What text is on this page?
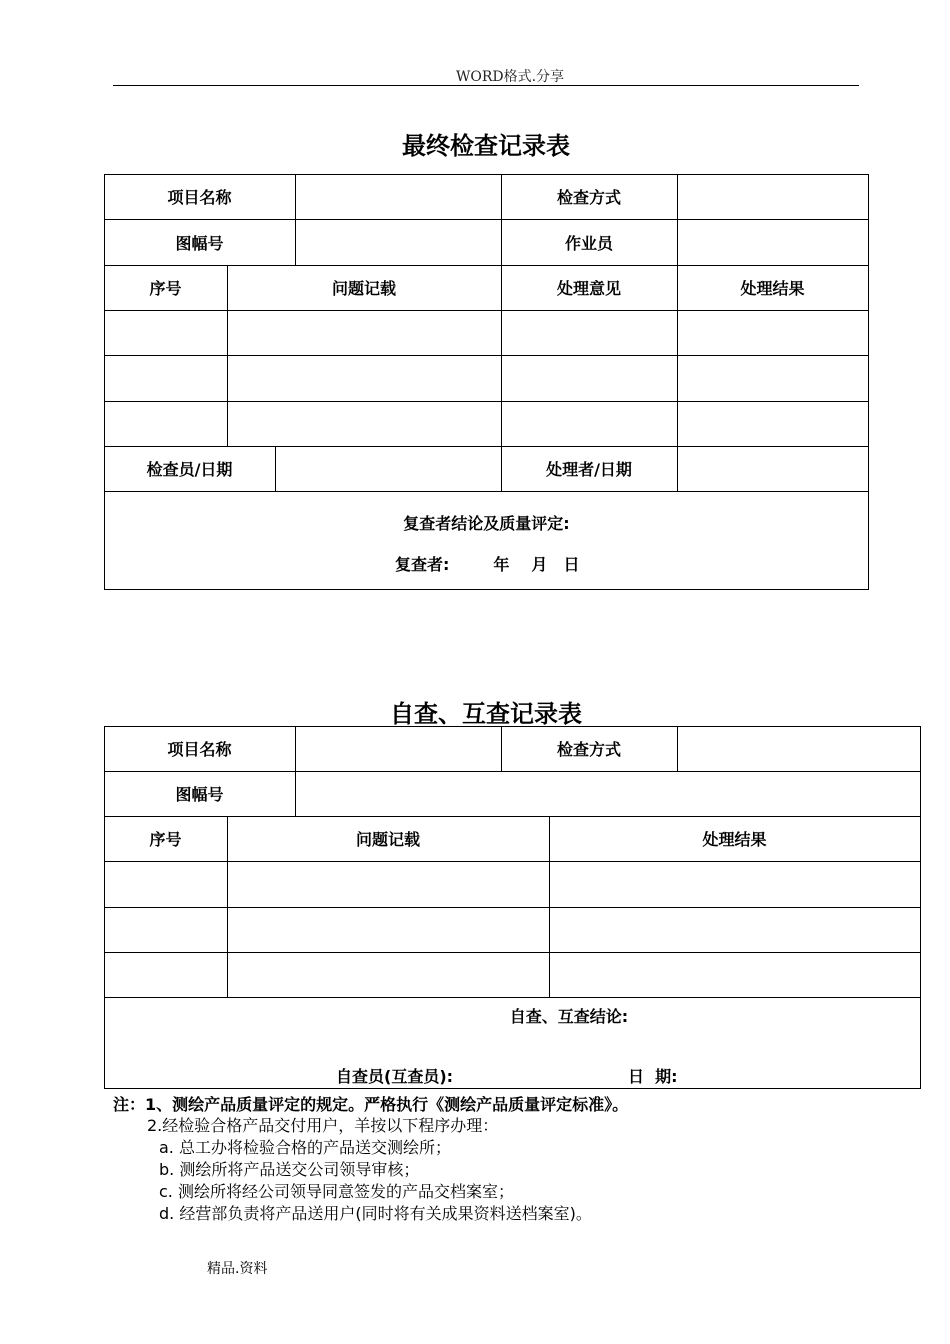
WORD格式.分享
最终检查记录表
项目名称	检查方式
图幅号	作业员
序号	问题记载	处理意见	处理结果
检查员/日期	处理者/日期
复查者结论及质量评定:
复查者:	年 月 日
自查、互查记录表
项目名称	检查方式
图幅号
序号	问题记载	处理结果
自查、互查结论:
自查员(互查员):	日  期:
注：1、测绘产品质量评定的规定。严格执行《测绘产品质量评定标准》。
2.经检验合格产品交付用户，羊按以下程序办理：
a. 总工办将检验合格的产品送交测绘所；
b. 测绘所将产品送交公司领导审核；
c. 测绘所将经公司领导同意签发的产品交档案室；
d. 经营部负责将产品送用户(同时将有关成果资料送档案室)。
精品.资料
